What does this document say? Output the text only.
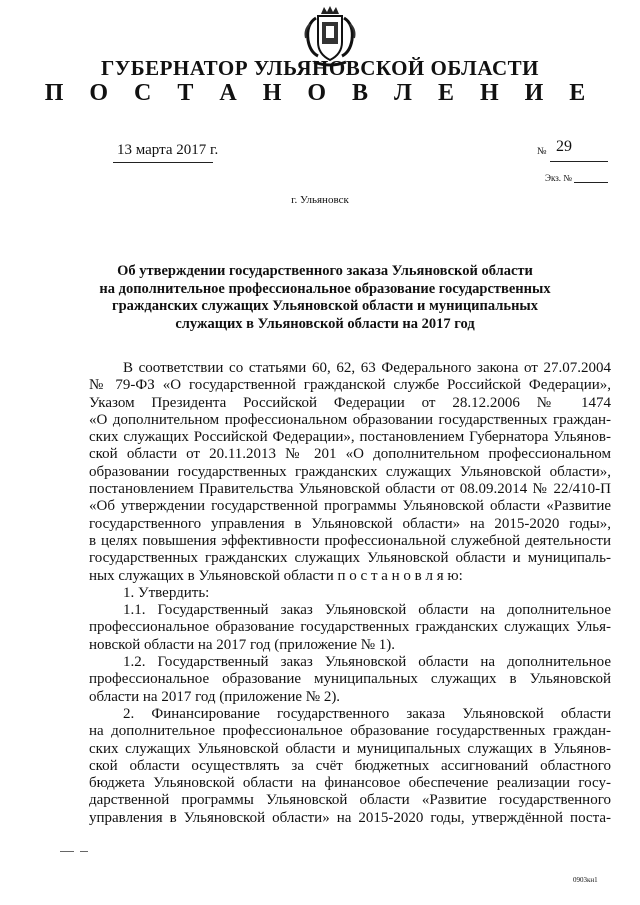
ГУБЕРНАТОР УЛЬЯНОВСКОЙ ОБЛАСТИ
П О С Т А Н О В Л Е Н И Е
13 марта 2017 г.	№ 29
Экз. №
г. Ульяновск
Об утверждении государственного заказа Ульяновской области
на дополнительное профессиональное образование государственных
гражданских служащих Ульяновской области и муниципальных
служащих в Ульяновской области на 2017 год
В соответствии со статьями 60, 62, 63 Федерального закона от 27.07.2004
№ 79-ФЗ «О государственной гражданской службе Российской Федерации»,
Указом Президента Российской Федерации от 28.12.2006 № 1474
«О дополнительном профессиональном образовании государственных граждан-
ских служащих Российской Федерации», постановлением Губернатора Ульянов-
ской области от 20.11.2013 № 201 «О дополнительном профессиональном
образовании государственных гражданских служащих Ульяновской области»,
постановлением Правительства Ульяновской области от 08.09.2014 № 22/410-П
«Об утверждении государственной программы Ульяновской области «Развитие
государственного управления в Ульяновской области» на 2015-2020 годы»,
в целях повышения эффективности профессиональной служебной деятельности
государственных гражданских служащих Ульяновской области и муниципаль-
ных служащих в Ульяновской области п о с т а н о в л я ю:
1. Утвердить:
1.1. Государственный заказ Ульяновской области на дополнительное
профессиональное образование государственных гражданских служащих Улья-
новской области на 2017 год (приложение № 1).
1.2. Государственный заказ Ульяновской области на дополнительное
профессиональное образование муниципальных служащих в Ульяновской
области на 2017 год (приложение № 2).
2. Финансирование государственного заказа Ульяновской области
на дополнительное профессиональное образование государственных граждан-
ских служащих Ульяновской области и муниципальных служащих в Ульянов-
ской области осуществлять за счёт бюджетных ассигнований областного
бюджета Ульяновской области на финансовое обеспечение реализации госу-
дарственной программы Ульяновской области «Развитие государственного
управления в Ульяновской области» на 2015-2020 годы, утверждённой поста-
0903кн1
